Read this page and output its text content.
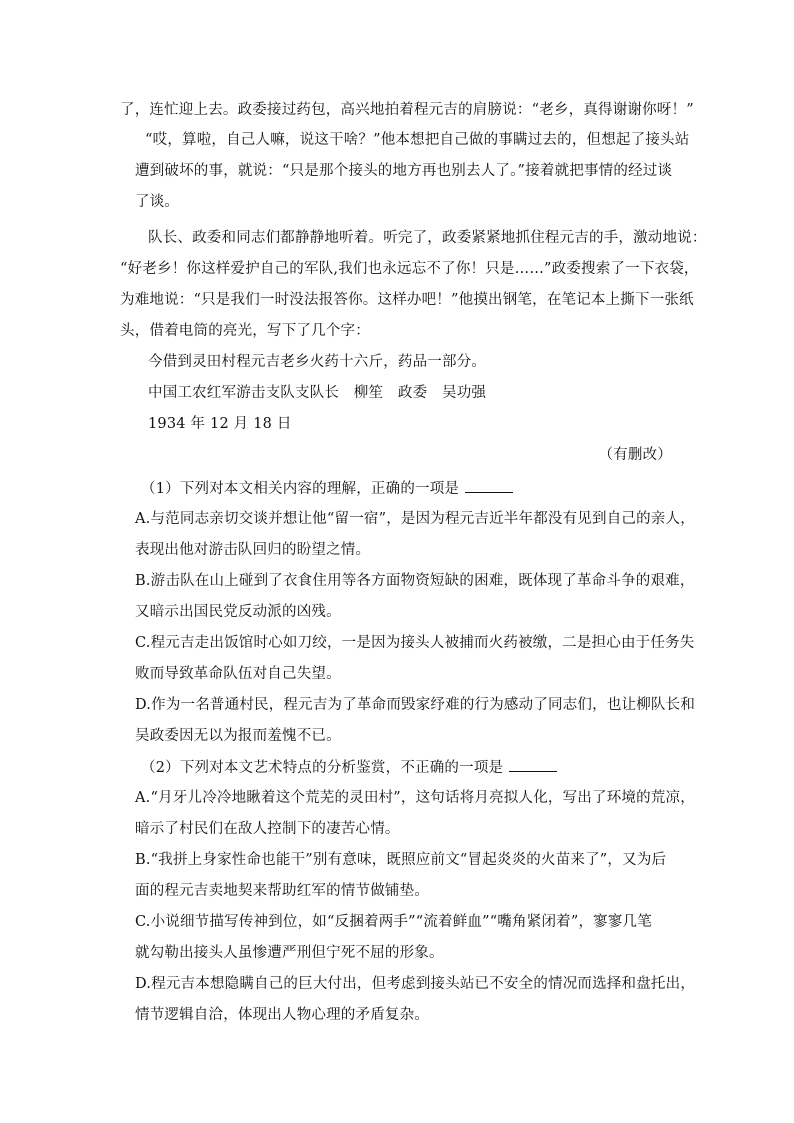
了，连忙迎上去。政委接过药包，高兴地拍着程元吉的肩膀说：“老乡，真得谢谢你呀！”
“哎，算啦，自己人嘛，说这干啥？”他本想把自己做的事瞒过去的，但想起了接头站
遭到破坏的事，就说：“只是那个接头的地方再也别去人了。”接着就把事情的经过谈
了谈。
队长、政委和同志们都静静地听着。听完了，政委紧紧地抓住程元吉的手，激动地说：
“好老乡！你这样爱护自己的军队,我们也永远忘不了你！只是……”政委搜索了一下衣袋，
为难地说：“只是我们一时没法报答你。这样办吧！”他摸出钢笔，在笔记本上撕下一张纸
头，借着电筒的亮光，写下了几个字：
今借到灵田村程元吉老乡火药十六斤，药品一部分。
中国工农红军游击支队支队长　柳笙　政委　吴功强
1934 年 12 月 18 日
（有删改）
（1）下列对本文相关内容的理解，正确的一项是
A.与范同志亲切交谈并想让他“留一宿”，是因为程元吉近半年都没有见到自己的亲人，
表现出他对游击队回归的盼望之情。
B.游击队在山上碰到了衣食住用等各方面物资短缺的困难，既体现了革命斗争的艰难，
又暗示出国民党反动派的凶残。
C.程元吉走出饭馆时心如刀绞，一是因为接头人被捕而火药被缴，二是担心由于任务失
败而导致革命队伍对自己失望。
D.作为一名普通村民，程元吉为了革命而毁家纾难的行为感动了同志们，也让柳队长和
吴政委因无以为报而羞愧不已。
（2）下列对本文艺术特点的分析鉴赏，不正确的一项是
A.“月牙儿冷冷地瞅着这个荒芜的灵田村”，这句话将月亮拟人化，写出了环境的荒凉，
暗示了村民们在敌人控制下的凄苦心情。
B.“我拼上身家性命也能干”别有意味，既照应前文“冒起炎炎的火苗来了”，又为后
面的程元吉卖地契来帮助红军的情节做铺垫。
C.小说细节描写传神到位，如“反捆着两手”“流着鲜血”“嘴角紧闭着”，寥寥几笔
就勾勒出接头人虽惨遭严刑但宁死不屈的形象。
D.程元吉本想隐瞒自己的巨大付出，但考虑到接头站已不安全的情况而选择和盘托出，
情节逻辑自洽，体现出人物心理的矛盾复杂。
